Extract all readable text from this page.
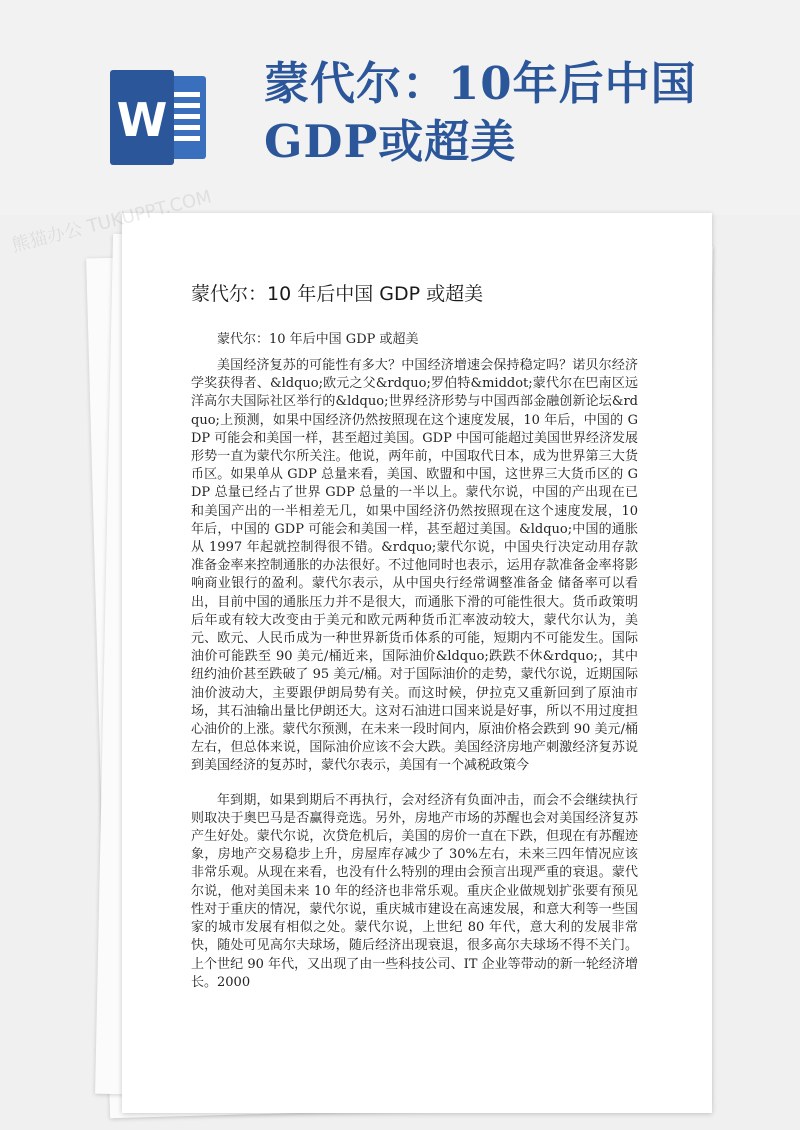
W
蒙代尔：10年后中国
GDP或超美
蒙代尔：10 年后中国 GDP 或超美
蒙代尔：10 年后中国 GDP 或超美

美国经济复苏的可能性有多大？中国经济增速会保持稳定吗？诺贝尔经济学奖获得者、&ldquo;欧元之父&rdquo;罗伯特&middot;蒙代尔在巴南区远洋高尔夫国际社区举行的&ldquo;世界经济形势与中国西部金融创新论坛&rdquo;上预测，如果中国经济仍然按照现在这个速度发展，10 年后，中国的 GDP 可能会和美国一样，甚至超过美国。GDP 中国可能超过美国世界经济发展形势一直为蒙代尔所关注。他说，两年前，中国取代日本，成为世界第三大货币区。如果单从 GDP 总量来看，美国、欧盟和中国，这世界三大货币区的 GDP 总量已经占了世界 GDP 总量的一半以上。蒙代尔说，中国的产出现在已和美国产出的一半相差无几，如果中国经济仍然按照现在这个速度发展，10 年后，中国的 GDP 可能会和美国一样，甚至超过美国。&ldquo;中国的通胀从 1997 年起就控制得很不错。&rdquo;蒙代尔说，中国央行决定动用存款准备金率来控制通胀的办法很好。不过他同时也表示，运用存款准备金率将影响商业银行的盈利。蒙代尔表示，从中国央行经常调整准备金 储备率可以看出，目前中国的通胀压力并不是很大，而通胀下滑的可能性很大。货币政策明后年或有较大改变由于美元和欧元两种货币汇率波动较大，蒙代尔认为，美元、欧元、人民币成为一种世界新货币体系的可能，短期内不可能发生。国际油价可能跌至 90 美元/桶近来，国际油价&ldquo;跌跌不休&rdquo;，其中纽约油价甚至跌破了 95 美元/桶。对于国际油价的走势，蒙代尔说，近期国际油价波动大，主要跟伊朗局势有关。而这时候，伊拉克又重新回到了原油市场，其石油输出量比伊朗还大。这对石油进口国来说是好事，所以不用过度担心油价的上涨。蒙代尔预测，在未来一段时间内，原油价格会跌到 90 美元/桶左右，但总体来说，国际油价应该不会大跌。美国经济房地产刺激经济复苏说到美国经济的复苏时，蒙代尔表示，美国有一个减税政策今

年到期，如果到期后不再执行，会对经济有负面冲击，而会不会继续执行则取决于奥巴马是否赢得竞选。另外，房地产市场的苏醒也会对美国经济复苏产生好处。蒙代尔说，次贷危机后，美国的房价一直在下跌，但现在有苏醒迹象，房地产交易稳步上升，房屋库存减少了 30%左右，未来三四年情况应该非常乐观。从现在来看，也没有什么特别的理由会预言出现严重的衰退。蒙代尔说，他对美国未来 10 年的经济也非常乐观。重庆企业做规划扩张要有预见性对于重庆的情况，蒙代尔说，重庆城市建设在高速发展，和意大利等一些国家的城市发展有相似之处。蒙代尔说，上世纪 80 年代，意大利的发展非常快，随处可见高尔夫球场，随后经济出现衰退，很多高尔夫球场不得不关门。上个世纪 90 年代，又出现了由一些科技公司、IT 企业等带动的新一轮经济增长。2000

熊猫办公 TUKUPPT.COM
